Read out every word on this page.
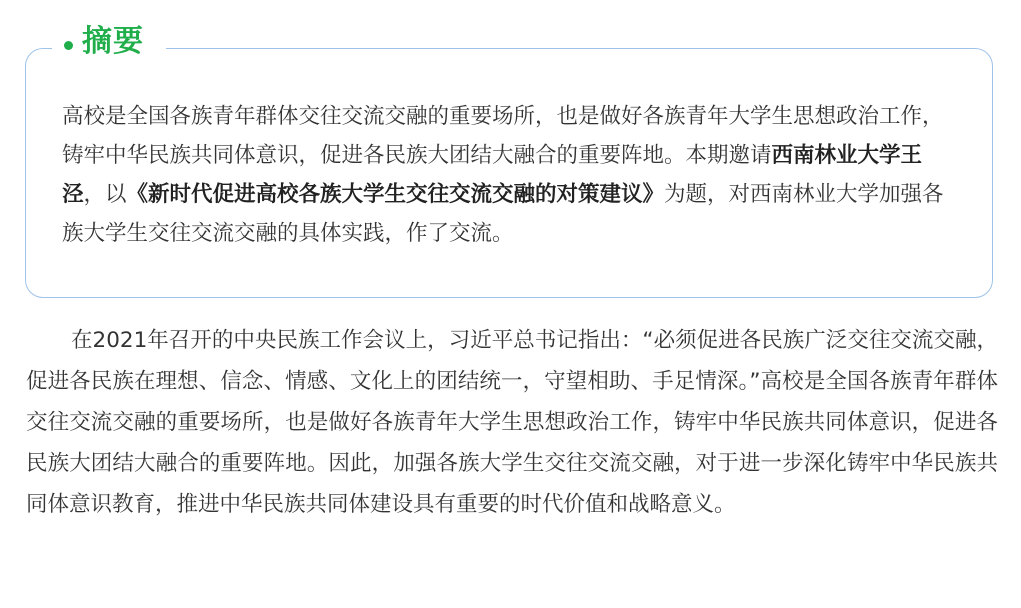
摘要

高校是全国各族青年群体交往交流交融的重要场所，也是做好各族青年大学生思想政治工作，铸牢中华民族共同体意识，促进各民族大团结大融合的重要阵地。本期邀请西南林业大学王泾，以《新时代促进高校各族大学生交往交流交融的对策建议》为题，对西南林业大学加强各族大学生交往交流交融的具体实践，作了交流。

在2021年召开的中央民族工作会议上，习近平总书记指出：“必须促进各民族广泛交往交流交融，促进各民族在理想、信念、情感、文化上的团结统一，守望相助、手足情深。”高校是全国各族青年群体交往交流交融的重要场所，也是做好各族青年大学生思想政治工作，铸牢中华民族共同体意识，促进各民族大团结大融合的重要阵地。因此，加强各族大学生交往交流交融，对于进一步深化铸牢中华民族共同体意识教育，推进中华民族共同体建设具有重要的时代价值和战略意义。
